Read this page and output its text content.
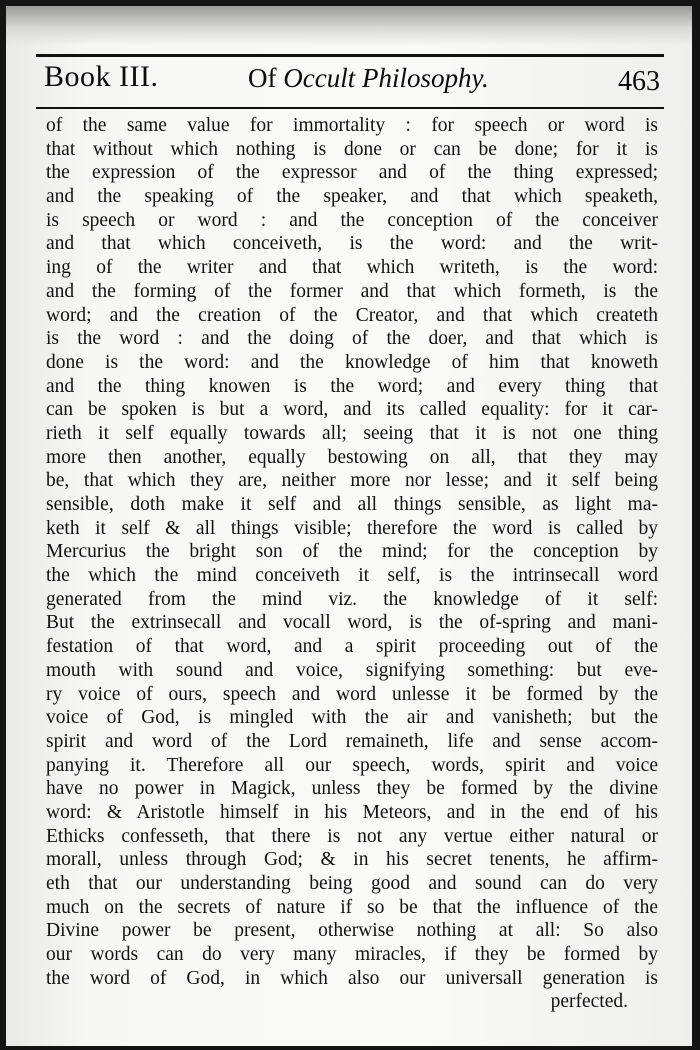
Book III.	Of Occult Philosophy.	463
of the same value for immortality : for speech or word is
that without which nothing is done or can be done; for it is
the expression of the expressor and of the thing expressed;
and the speaking of the speaker, and that which speaketh,
is speech or word : and the conception of the conceiver
and that which conceiveth, is the word: and the writ-
ing of the writer and that which writeth, is the word:
and the forming of the former and that which formeth, is the
word; and the creation of the Creator, and that which createth
is the word : and the doing of the doer, and that which is
done is the word: and the knowledge of him that knoweth
and the thing knowen is the word; and every thing that
can be spoken is but a word, and its called equality: for it car-
rieth it self equally towards all; seeing that it is not one thing
more then another, equally bestowing on all, that they may
be, that which they are, neither more nor lesse; and it self being
sensible, doth make it self and all things sensible, as light ma-
keth it self & all things visible; therefore the word is called by
Mercurius the bright son of the mind; for the conception by
the which the mind conceiveth it self, is the intrinsecall word
generated from the mind viz. the knowledge of it self:
But the extrinsecall and vocall word, is the of-spring and mani-
festation of that word, and a spirit proceeding out of the
mouth with sound and voice, signifying something: but eve-
ry voice of ours, speech and word unlesse it be formed by the
voice of God, is mingled with the air and vanisheth; but the
spirit and word of the Lord remaineth, life and sense accom-
panying it. Therefore all our speech, words, spirit and voice
have no power in Magick, unless they be formed by the divine
word: & Aristotle himself in his Meteors, and in the end of his
Ethicks confesseth, that there is not any vertue either natural or
morall, unless through God; & in his secret tenents, he affirm-
eth that our understanding being good and sound can do very
much on the secrets of nature if so be that the influence of the
Divine power be present, otherwise nothing at all: So also
our words can do very many miracles, if they be formed by
the word of God, in which also our universall generation is
perfected.
